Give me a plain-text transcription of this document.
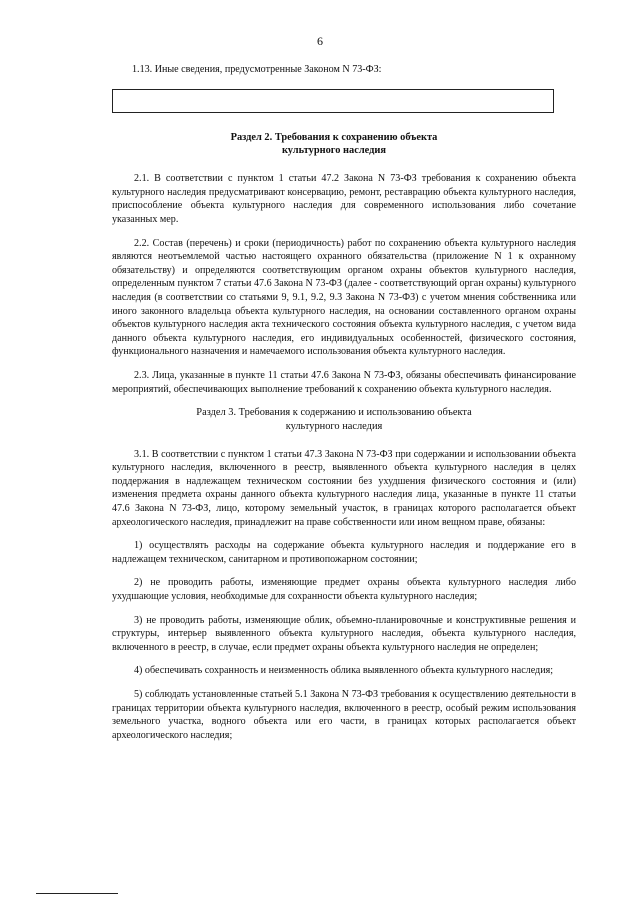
6

1.13. Иные сведения, предусмотренные Законом N 73-ФЗ:

Раздел 2. Требования к сохранению объекта
культурного наследия

2.1. В соответствии с пунктом 1 статьи 47.2 Закона N 73-ФЗ требования к сохранению объекта культурного наследия предусматривают консервацию, ремонт, реставрацию объекта культурного наследия, приспособление объекта культурного наследия для современного использования либо сочетание указанных мер.

2.2. Состав (перечень) и сроки (периодичность) работ по сохранению объекта культурного наследия являются неотъемлемой частью настоящего охранного обязательства (приложение N 1 к охранному обязательству) и определяются соответствующим органом охраны объектов культурного наследия, определенным пунктом 7 статьи 47.6 Закона N 73-ФЗ (далее - соответствующий орган охраны) культурного наследия (в соответствии со статьями 9, 9.1, 9.2, 9.3 Закона N 73-ФЗ) с учетом мнения собственника или иного законного владельца объекта культурного наследия, на основании составленного органом охраны объектов культурного наследия акта технического состояния объекта культурного наследия, с учетом вида данного объекта культурного наследия, его индивидуальных особенностей, физического состояния, функционального назначения и намечаемого использования объекта культурного наследия.

2.3. Лица, указанные в пункте 11 статьи 47.6 Закона N 73-ФЗ, обязаны обеспечивать финансирование мероприятий, обеспечивающих выполнение требований к сохранению объекта культурного наследия.

Раздел 3. Требования к содержанию и использованию объекта
культурного наследия

3.1. В соответствии с пунктом 1 статьи 47.3 Закона N 73-ФЗ при содержании и использовании объекта культурного наследия, включенного в реестр, выявленного объекта культурного наследия в целях поддержания в надлежащем техническом состоянии без ухудшения физического состояния и (или) изменения предмета охраны данного объекта культурного наследия лица, указанные в пункте 11 статьи 47.6 Закона N 73-ФЗ, лицо, которому земельный участок, в границах которого располагается объект археологического наследия, принадлежит на праве собственности или ином вещном праве, обязаны:

1) осуществлять расходы на содержание объекта культурного наследия и поддержание его в надлежащем техническом, санитарном и противопожарном состоянии;

2) не проводить работы, изменяющие предмет охраны объекта культурного наследия либо ухудшающие условия, необходимые для сохранности объекта культурного наследия;

3) не проводить работы, изменяющие облик, объемно-планировочные и конструктивные решения и структуры, интерьер выявленного объекта культурного наследия, объекта культурного наследия, включенного в реестр, в случае, если предмет охраны объекта культурного наследия не определен;

4) обеспечивать сохранность и неизменность облика выявленного объекта культурного наследия;

5) соблюдать установленные статьей 5.1 Закона N 73-ФЗ требования к осуществлению деятельности в границах территории объекта культурного наследия, включенного в реестр, особый режим использования земельного участка, водного объекта или его части, в границах которых располагается объект археологического наследия;
